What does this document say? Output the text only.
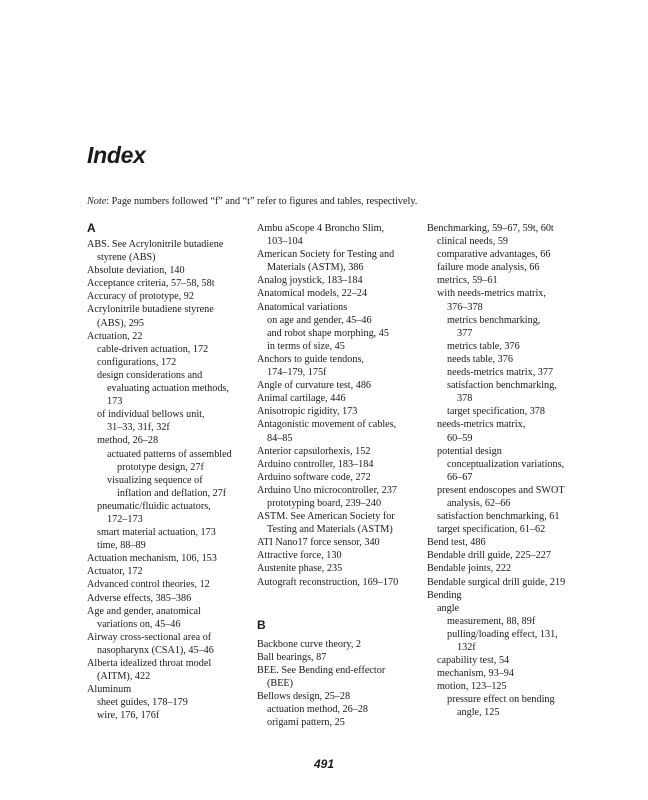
Index
Note: Page numbers followed “f” and “t” refer to figures and tables, respectively.
A
ABS. See Acrylonitrile butadiene
styrene (ABS)
Absolute deviation, 140
Acceptance criteria, 57–58, 58t
Accuracy of prototype, 92
Acrylonitrile butadiene styrene
(ABS), 295
Actuation, 22
cable-driven actuation, 172
configurations, 172
design considerations and
evaluating actuation methods,
173
of individual bellows unit,
31–33, 31f, 32f
method, 26–28
actuated patterns of assembled
prototype design, 27f
visualizing sequence of
inflation and deflation, 27f
pneumatic/fluidic actuators,
172–173
smart material actuation, 173
time, 88–89
Actuation mechanism, 106, 153
Actuator, 172
Advanced control theories, 12
Adverse effects, 385–386
Age and gender, anatomical
variations on, 45–46
Airway cross-sectional area of
nasopharynx (CSA1), 45–46
Alberta idealized throat model
(AITM), 422
Aluminum
sheet guides, 178–179
wire, 176, 176f
Ambu aScope 4 Broncho Slim,
103–104
American Society for Testing and
Materials (ASTM), 386
Analog joystick, 183–184
Anatomical models, 22–24
Anatomical variations
on age and gender, 45–46
and robot shape morphing, 45
in terms of size, 45
Anchors to guide tendons,
174–179, 175f
Angle of curvature test, 486
Animal cartilage, 446
Anisotropic rigidity, 173
Antagonistic movement of cables,
84–85
Anterior capsulorhexis, 152
Arduino controller, 183–184
Arduino software code, 272
Arduino Uno microcontroller, 237
prototyping board, 239–240
ASTM. See American Society for
Testing and Materials (ASTM)
ATI Nano17 force sensor, 340
Attractive force, 130
Austenite phase, 235
Autograft reconstruction, 169–170
B
Backbone curve theory, 2
Ball bearings, 87
BEE. See Bending end-effector
(BEE)
Bellows design, 25–28
actuation method, 26–28
origami pattern, 25
Benchmarking, 59–67, 59t, 60t
clinical needs, 59
comparative advantages, 66
failure mode analysis, 66
metrics, 59–61
with needs-metrics matrix,
376–378
metrics benchmarking,
377
metrics table, 376
needs table, 376
needs-metrics matrix, 377
satisfaction benchmarking,
378
target specification, 378
needs-metrics matrix,
60–59
potential design
conceptualization variations,
66–67
present endoscopes and SWOT
analysis, 62–66
satisfaction benchmarking, 61
target specification, 61–62
Bend test, 486
Bendable drill guide, 225–227
Bendable joints, 222
Bendable surgical drill guide, 219
Bending
angle
measurement, 88, 89f
pulling/loading effect, 131,
132f
capability test, 54
mechanism, 93–94
motion, 123–125
pressure effect on bending
angle, 125
491
